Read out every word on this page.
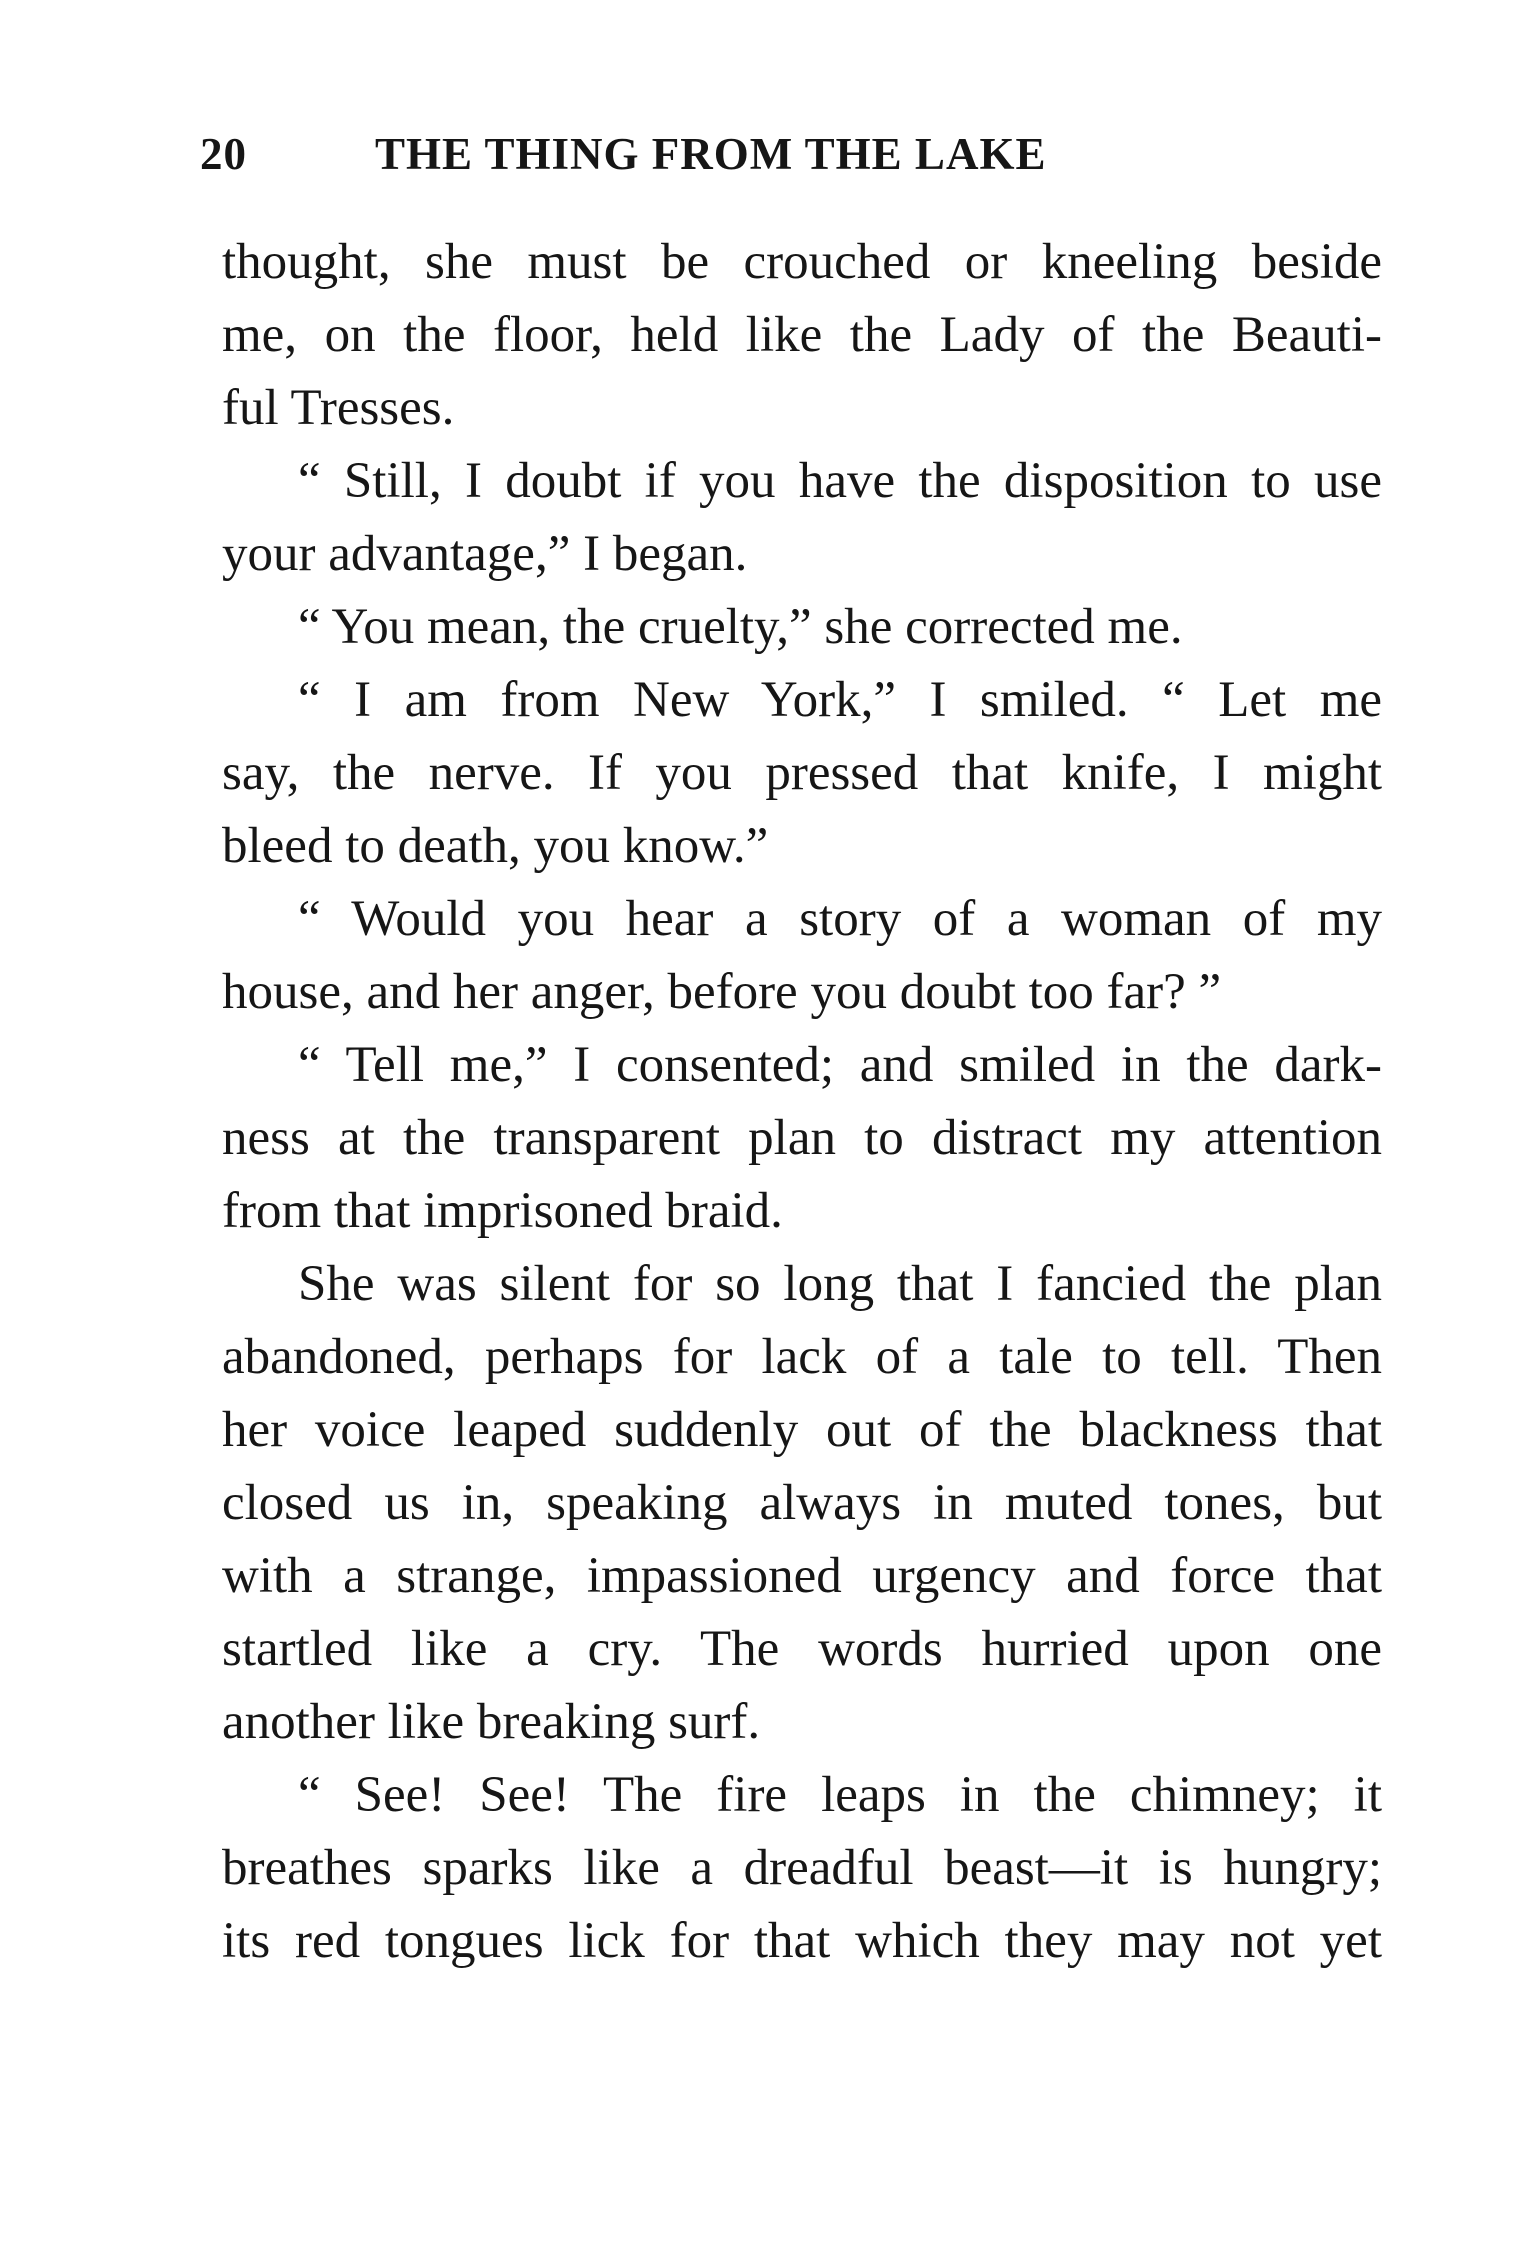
20	THE THING FROM THE LAKE
thought, she must be crouched or kneeling beside
me, on the floor, held like the Lady of the Beauti-
ful Tresses.
“ Still, I doubt if you have the disposition to use
your advantage,” I began.
“ You mean, the cruelty,” she corrected me.
“ I am from New York,” I smiled. “ Let me
say, the nerve. If you pressed that knife, I might
bleed to death, you know.”
“ Would you hear a story of a woman of my
house, and her anger, before you doubt too far? ”
“ Tell me,” I consented; and smiled in the dark-
ness at the transparent plan to distract my attention
from that imprisoned braid.
She was silent for so long that I fancied the plan
abandoned, perhaps for lack of a tale to tell. Then
her voice leaped suddenly out of the blackness that
closed us in, speaking always in muted tones, but
with a strange, impassioned urgency and force that
startled like a cry. The words hurried upon one
another like breaking surf.
“ See! See! The fire leaps in the chimney; it
breathes sparks like a dreadful beast—it is hungry;
its red tongues lick for that which they may not yet
